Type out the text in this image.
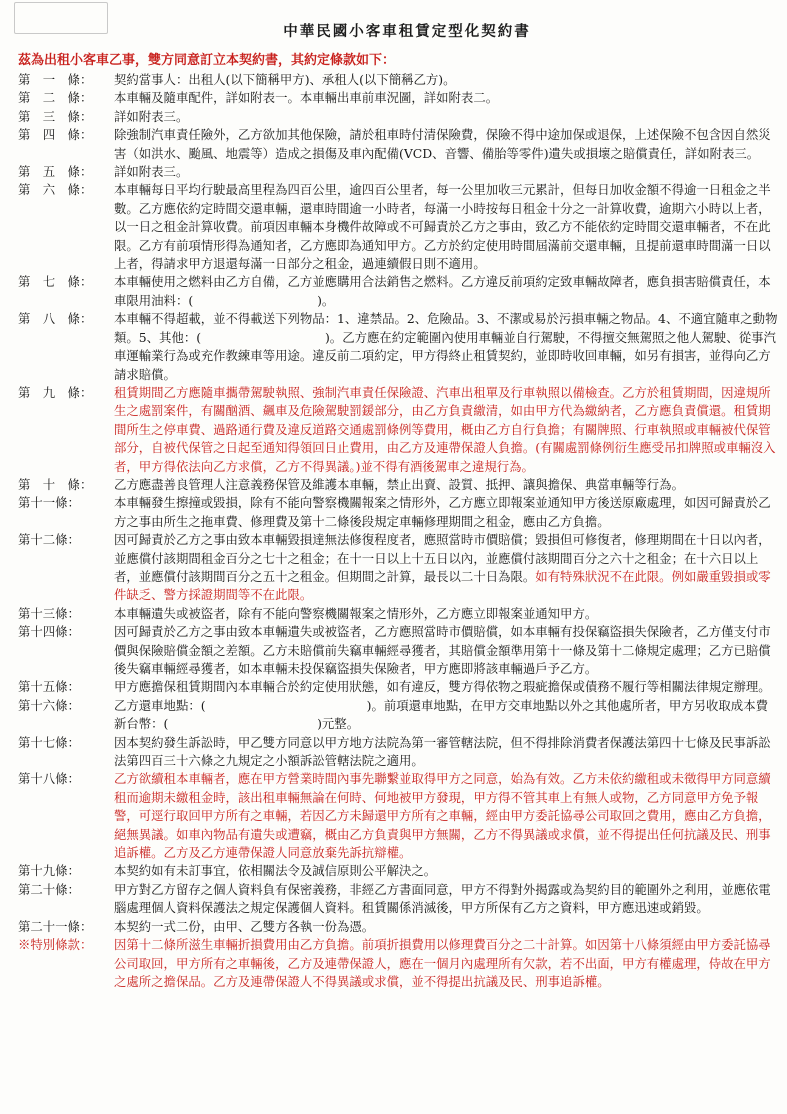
中華民國小客車租賃定型化契約書
茲為出租小客車乙事，雙方同意訂立本契約書，其約定條款如下：
第　一　條：	契約當事人：出租人(以下簡稱甲方)、承租人(以下簡稱乙方)。
第　二　條：	本車輛及隨車配件，詳如附表一。本車輛出車前車況圖，詳如附表二。
第　三　條：	詳如附表三。
第　四　條：	除強制汽車責任險外，乙方欲加其他保險，請於租車時付清保險費，保險不得中途加保或退保，上述保險不包含因自然災害（如洪水、颱風、地震等）造成之損傷及車內配備(VCD、音響、備胎等零件)遺失或損壞之賠償責任，詳如附表三。
第　五　條：	詳如附表三。
第　六　條：	本車輛每日平均行駛最高里程為四百公里，逾四百公里者，每一公里加收三元累計，但每日加收金額不得逾一日租金之半數。乙方應依約定時間交還車輛，還車時間逾一小時者，每滿一小時按每日租金十分之一計算收費，逾期六小時以上者，以一日之租金計算收費。前項因車輛本身機件故障或不可歸責於乙方之事由，致乙方不能依約定時間交還車輛者，不在此限。乙方有前項情形得為通知者，乙方應即為通知甲方。乙方於約定使用時間屆滿前交還車輛，且提前還車時間滿一日以上者，得請求甲方退還每滿一日部分之租金，過連續假日則不適用。
第　七　條：	本車輛使用之燃料由乙方自備，乙方並應購用合法銷售之燃料。乙方違反前項約定致車輛故障者，應負損害賠償責任，本車限用油料：(　　　　　　　　　　)。
第　八　條：	本車輛不得超載，並不得載送下列物品：1、違禁品。2、危險品。3、不潔或易於污損車輛之物品。4、不適宜隨車之動物類。5、其他：(　　　　　　　　　　)。乙方應在約定範圍內使用車輛並自行駕駛，不得擅交無駕照之他人駕駛、從事汽車運輸業行為或充作教練車等用途。違反前二項約定，甲方得終止租賃契約，並即時收回車輛，如另有損害，並得向乙方請求賠償。
第　九　條：	租賃期間乙方應隨車攜帶駕駛執照、強制汽車責任保險證、汽車出租單及行車執照以備檢查。乙方於租賃期間，因違規所生之處罰案件，有關酗酒、飆車及危險駕駛罰鍰部分，由乙方負責繳清，如由甲方代為繳納者，乙方應負責償還。租賃期間所生之停車費、過路通行費及違反道路交通處罰條例等費用，概由乙方自行負擔；有關牌照、行車執照或車輛被代保管部分，自被代保管之日起至通知得領回日止費用，由乙方及連帶保證人負擔。(有關處罰條例衍生應受吊扣牌照或車輛沒入者，甲方得依法向乙方求償，乙方不得異議。)並不得有酒後駕車之違規行為。
第　十　條：	乙方應盡善良管理人注意義務保管及維護本車輛，禁止出賣、設質、抵押、讓與擔保、典當車輛等行為。
第十一條：	本車輛發生擦撞或毀損，除有不能向警察機關報案之情形外，乙方應立即報案並通知甲方後送原廠處理，如因可歸責於乙方之事由所生之拖車費、修理費及第十二條後段規定車輛修理期間之租金，應由乙方負擔。
第十二條：	因可歸責於乙方之事由致本車輛毀損達無法修復程度者，應照當時市價賠償；毀損但可修復者，修理期間在十日以內者，並應償付該期間租金百分之七十之租金；在十一日以上十五日以內，並應償付該期間百分之六十之租金；在十六日以上者，並應償付該期間百分之五十之租金。但期間之計算，最長以二十日為限。如有特殊狀況不在此限。例如嚴重毀損或零件缺乏、警方採證期間等不在此限。
第十三條：	本車輛遺失或被盜者，除有不能向警察機關報案之情形外，乙方應立即報案並通知甲方。
第十四條：	因可歸責於乙方之事由致本車輛遺失或被盜者，乙方應照當時市價賠償，如本車輛有投保竊盜損失保險者，乙方僅支付市價與保險賠償金額之差額。乙方未賠償前失竊車輛經尋獲者，其賠償金額準用第十一條及第十二條規定處理；乙方已賠償後失竊車輛經尋獲者，如本車輛未投保竊盜損失保險者，甲方應即將該車輛過戶予乙方。
第十五條：	甲方應擔保租賃期間內本車輛合於約定使用狀態，如有違反，雙方得依物之瑕疵擔保或債務不履行等相關法律規定辦理。
第十六條：	乙方還車地點：(　　　　　　　　　　　　　)。前項還車地點，在甲方交車地點以外之其他處所者，甲方另收取成本費新台幣：(　　　　　　　　　　　　)元整。
第十七條：	因本契約發生訴訟時，甲乙雙方同意以甲方地方法院為第一審管轄法院，但不得排除消費者保護法第四十七條及民事訴訟法第四百三十六條之九規定之小額訴訟管轄法院之適用。
第十八條：	乙方欲續租本車輛者，應在甲方營業時間內事先聯繫並取得甲方之同意，始為有效。乙方未依約繳租或未徵得甲方同意續租而逾期未繳租金時，該出租車輛無論在何時、何地被甲方發現，甲方得不管其車上有無人或物，乙方同意甲方免予報警，可逕行取回甲方所有之車輛，若因乙方未歸還甲方所有之車輛，經由甲方委託協尋公司取回之費用，應由乙方負擔，絕無異議。如車內物品有遺失或遭竊，概由乙方負責與甲方無關，乙方不得異議或求償，並不得提出任何抗議及民、刑事追訴權。乙方及乙方連帶保證人同意放棄先訴抗辯權。
第十九條：	本契約如有未訂事宜，依相關法令及誠信原則公平解決之。
第二十條：	甲方對乙方留存之個人資料負有保密義務，非經乙方書面同意，甲方不得對外揭露或為契約目的範圍外之利用，並應依電腦處理個人資料保護法之規定保護個人資料。租賃關係消滅後，甲方所保有乙方之資料，甲方應迅速或銷毀。
第二十一條：	本契約一式二份，由甲、乙雙方各執一份為憑。
※特別條款：	因第十二條所滋生車輛折損費用由乙方負擔。前項折損費用以修理費百分之二十計算。如因第十八條須經由甲方委託協尋公司取回，甲方所有之車輛後，乙方及連帶保證人，應在一個月內處理所有欠款，若不出面，甲方有權處理，侍故在甲方之處所之擔保品。乙方及連帶保證人不得異議或求償，並不得提出抗議及民、刑事追訴權。
